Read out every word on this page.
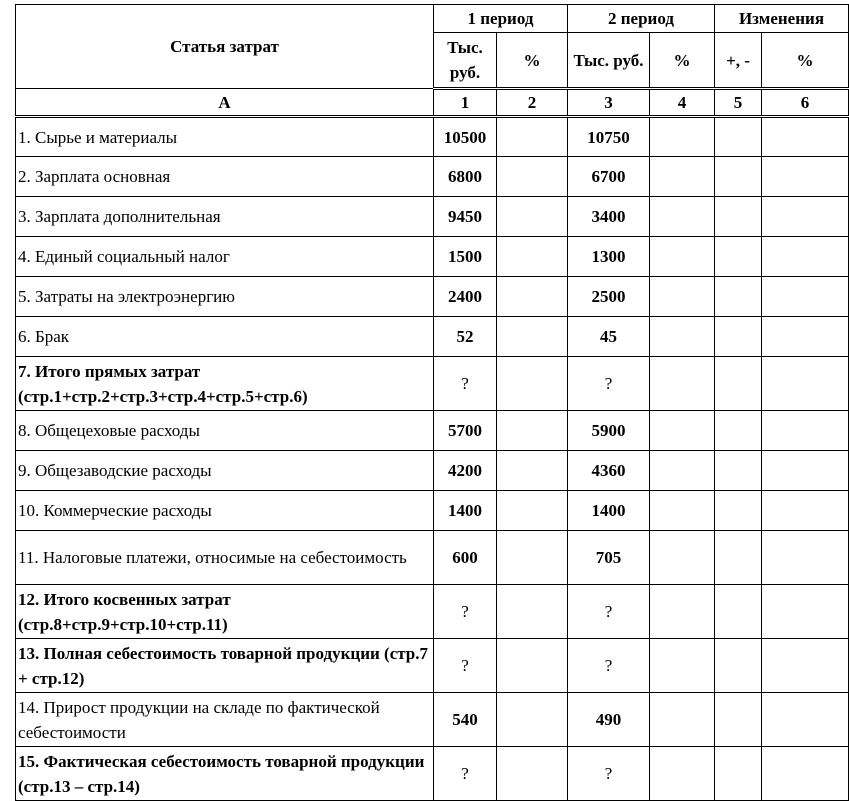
Статья затрат	1 период		2 период		Изменения	
	Тыс. руб.	%	Тыс. руб.	%	+, -	%
А	1	2	3	4	5	6
1. Сырье и материалы	10500		10750			
2. Зарплата основная	6800		6700			
3. Зарплата дополнительная	9450		3400			
4. Единый социальный налог	1500		1300			
5. Затраты на электроэнергию	2400		2500			
6. Брак	52		45			
7. Итого прямых затрат (стр.1+стр.2+стр.3+стр.4+стр.5+стр.6)	?		?			
8. Общецеховые расходы	5700		5900			
9. Общезаводские расходы	4200		4360			
10. Коммерческие расходы	1400		1400			
11. Налоговые платежи, относимые на себестоимость	600		705			
12. Итого косвенных затрат (стр.8+стр.9+стр.10+стр.11)	?		?			
13. Полная себестоимость товарной продукции (стр.7 + стр.12)	?		?			
14. Прирост продукции на складе по фактической себестоимости	540		490			
15. Фактическая себестоимость товарной продукции (стр.13 – стр.14)	?		?			
